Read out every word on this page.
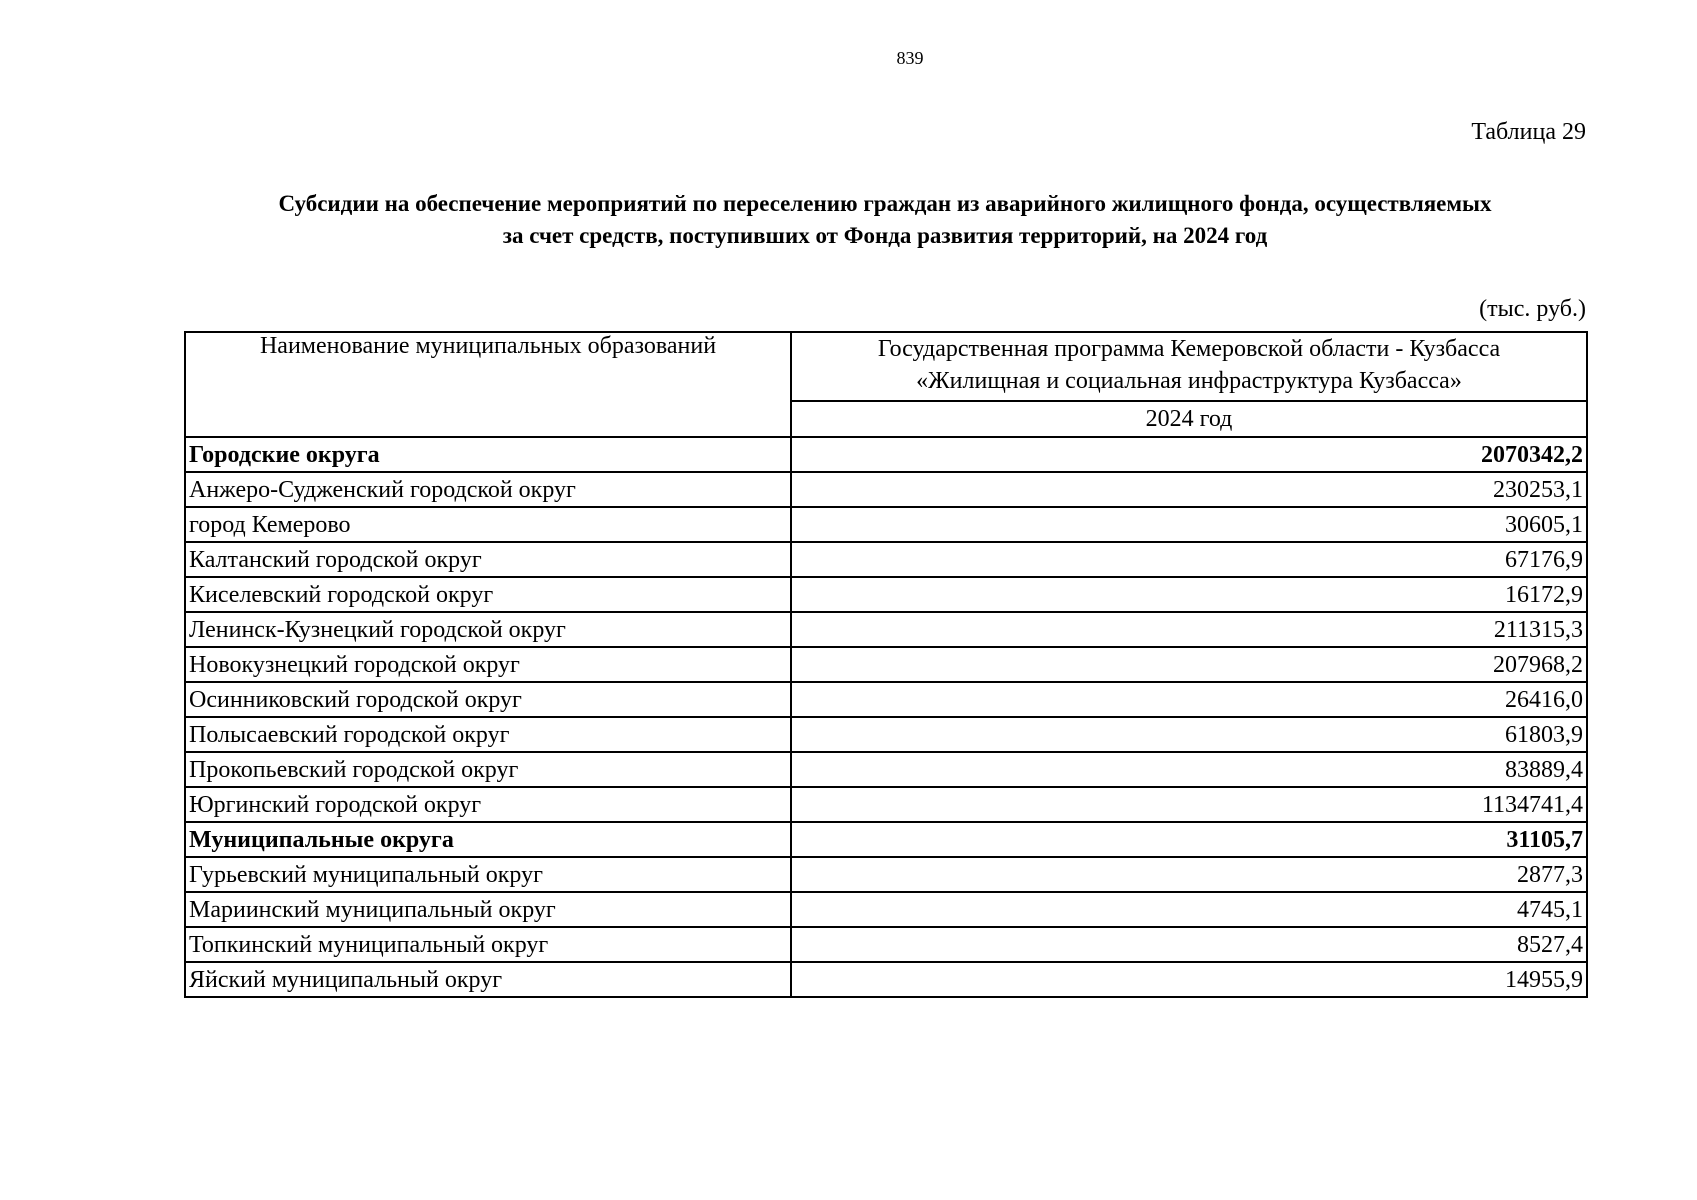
839
Таблица 29
Субсидии на обеспечение мероприятий по переселению граждан из аварийного жилищного фонда, осуществляемых
за счет средств, поступивших от Фонда развития территорий, на 2024 год
(тыс. руб.)
Наименование муниципальных образований	Государственная программа Кемеровской области - Кузбасса
«Жилищная и социальная инфраструктура Кузбасса»

	2024 год
Городские округа	2070342,2
Анжеро-Судженский городской округ	230253,1
город Кемерово	30605,1
Калтанский городской округ	67176,9
Киселевский городской округ	16172,9
Ленинск-Кузнецкий городской округ	211315,3
Новокузнецкий городской округ	207968,2
Осинниковский городской округ	26416,0
Полысаевский городской округ	61803,9
Прокопьевский городской округ	83889,4
Юргинский городской округ	1134741,4
Муниципальные округа	31105,7
Гурьевский муниципальный округ	2877,3
Мариинский муниципальный округ	4745,1
Топкинский муниципальный округ	8527,4
Яйский муниципальный округ	14955,9
